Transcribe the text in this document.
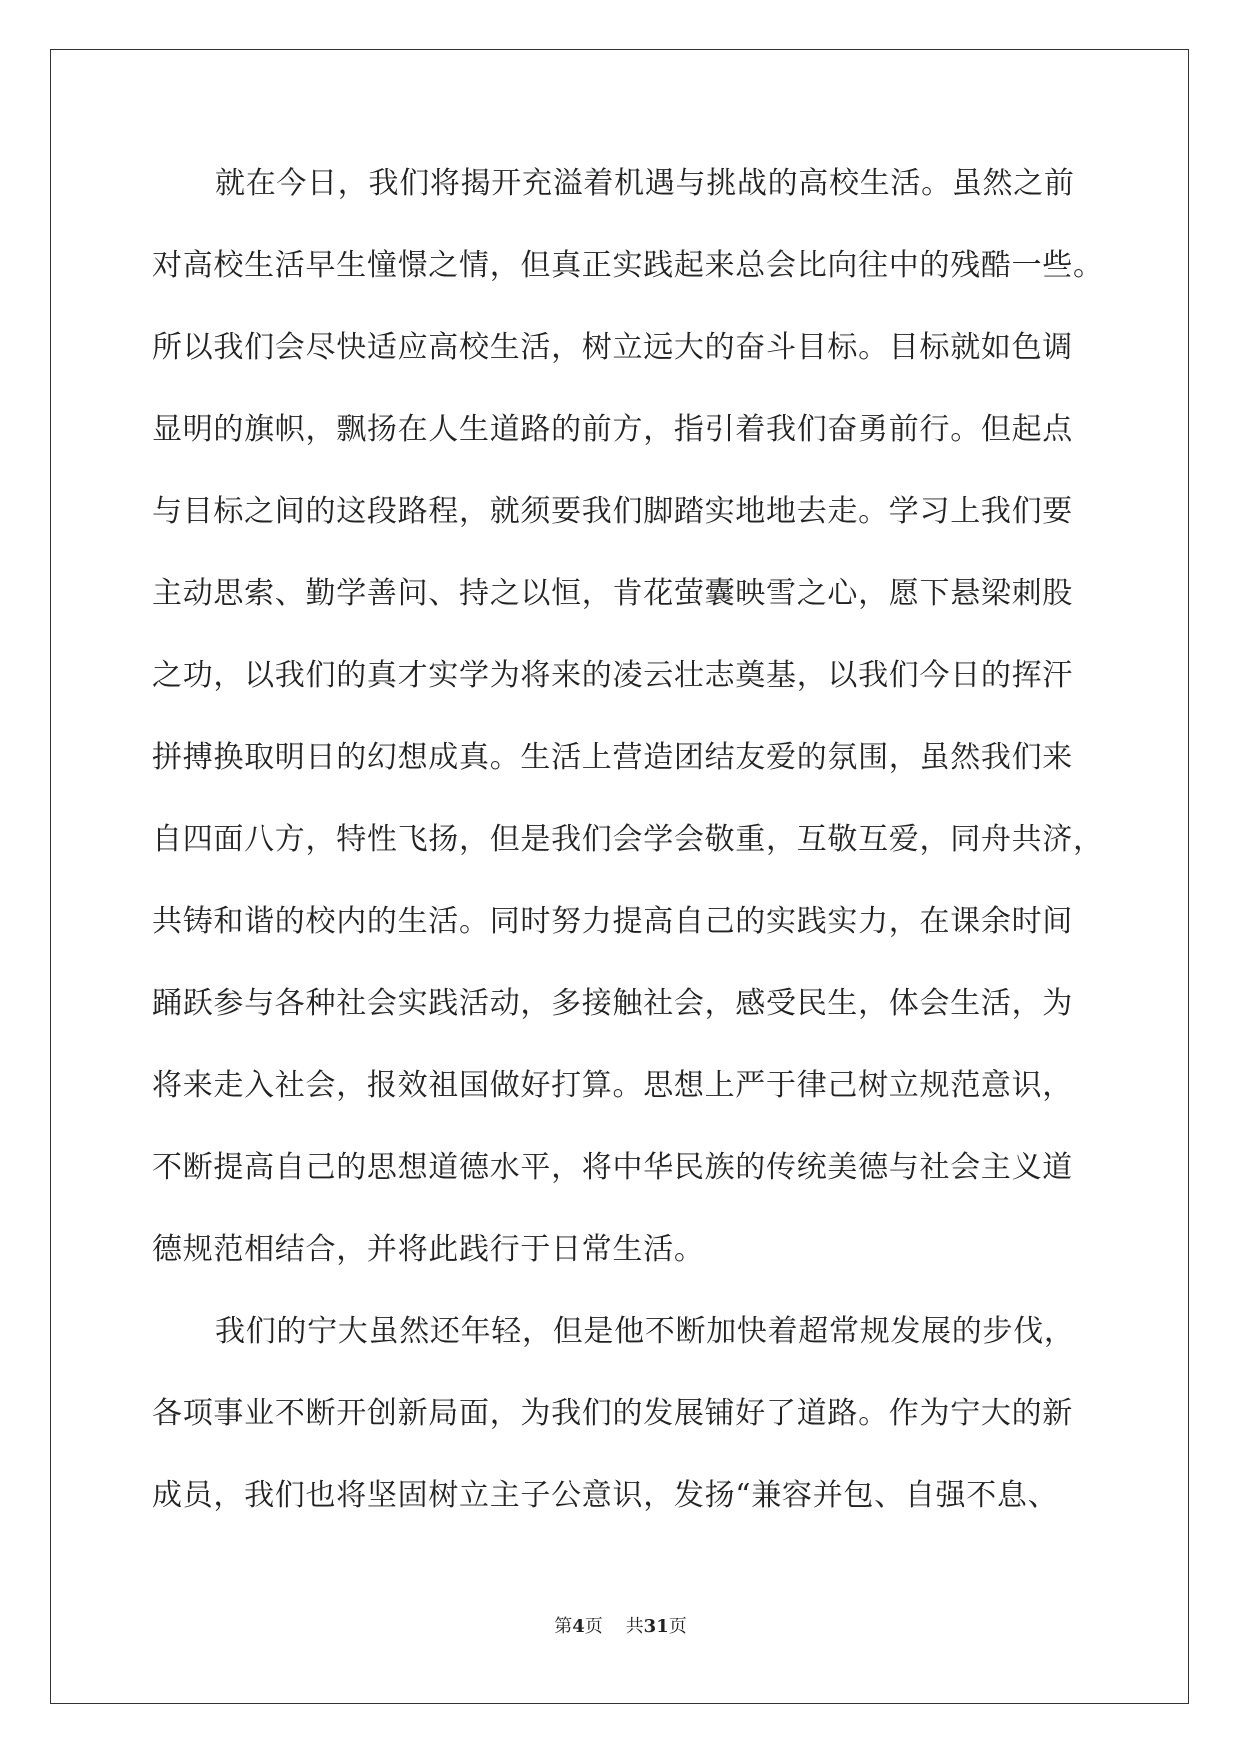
就在今日，我们将揭开充溢着机遇与挑战的高校生活。虽然之前
对高校生活早生憧憬之情，但真正实践起来总会比向往中的残酷一些。
所以我们会尽快适应高校生活，树立远大的奋斗目标。目标就如色调
显明的旗帜，飘扬在人生道路的前方，指引着我们奋勇前行。但起点
与目标之间的这段路程，就须要我们脚踏实地地去走。学习上我们要
主动思索、勤学善问、持之以恒，肯花萤囊映雪之心，愿下悬梁刺股
之功，以我们的真才实学为将来的凌云壮志奠基，以我们今日的挥汗
拼搏换取明日的幻想成真。生活上营造团结友爱的氛围，虽然我们来
自四面八方，特性飞扬，但是我们会学会敬重，互敬互爱，同舟共济，
共铸和谐的校内的生活。同时努力提高自己的实践实力，在课余时间
踊跃参与各种社会实践活动，多接触社会，感受民生，体会生活，为
将来走入社会，报效祖国做好打算。思想上严于律己树立规范意识，
不断提高自己的思想道德水平，将中华民族的传统美德与社会主义道
德规范相结合，并将此践行于日常生活。
我们的宁大虽然还年轻，但是他不断加快着超常规发展的步伐，
各项事业不断开创新局面，为我们的发展铺好了道路。作为宁大的新
成员，我们也将坚固树立主子公意识，发扬“兼容并包、自强不息、
第4页 共31页
